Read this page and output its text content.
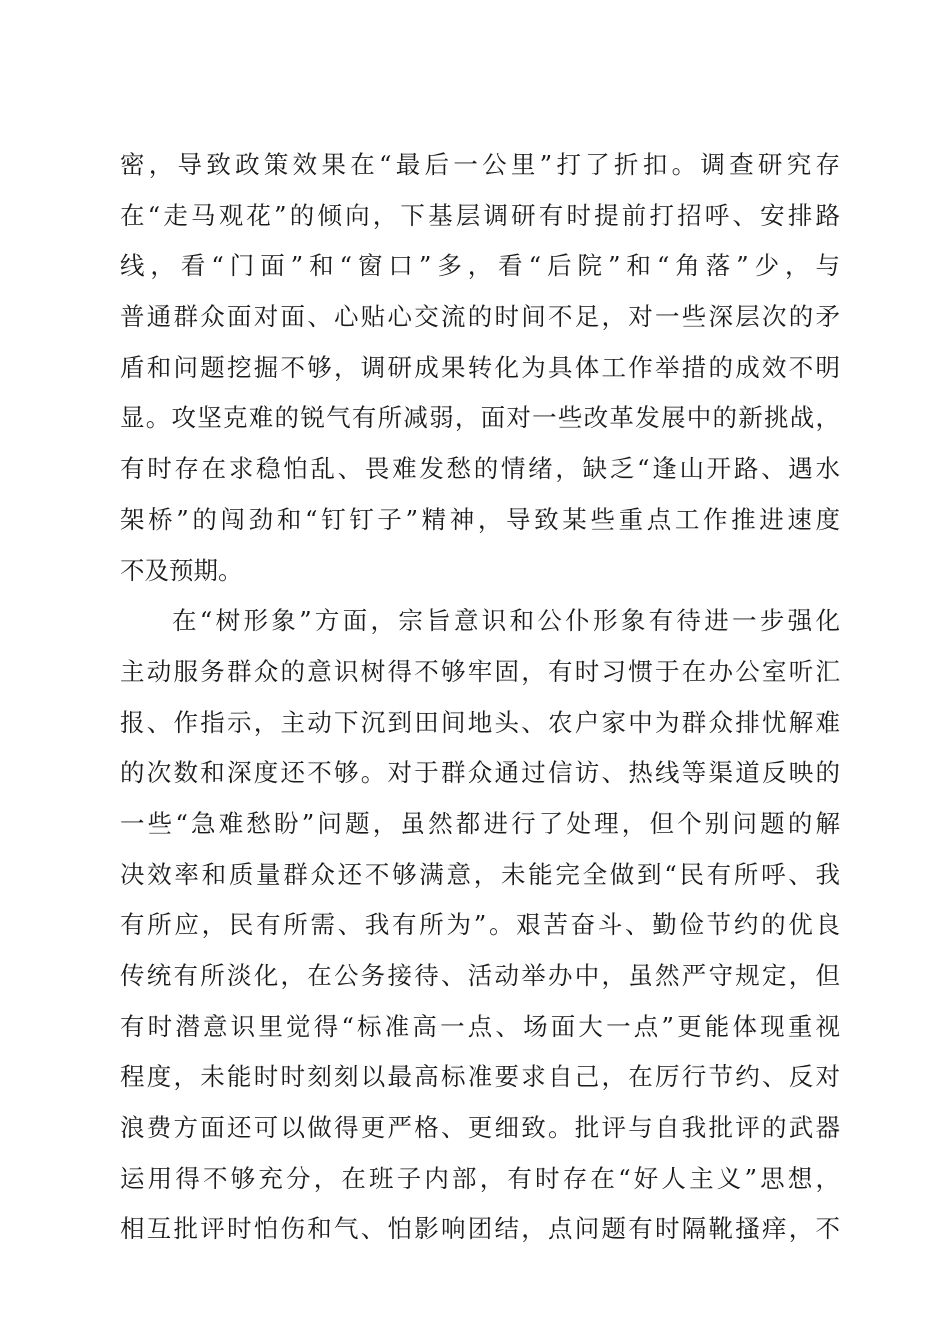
密，导致政策效果在“最后一公里”打了折扣。调查研究存
在“走马观花”的倾向，下基层调研有时提前打招呼、安排路
线，看“门面”和“窗口”多，看“后院”和“角落”少，与
普通群众面对面、心贴心交流的时间不足，对一些深层次的矛
盾和问题挖掘不够，调研成果转化为具体工作举措的成效不明
显。攻坚克难的锐气有所减弱，面对一些改革发展中的新挑战，
有时存在求稳怕乱、畏难发愁的情绪，缺乏“逢山开路、遇水
架桥”的闯劲和“钉钉子”精神，导致某些重点工作推进速度
不及预期。
在“树形象”方面，宗旨意识和公仆形象有待进一步强化
主动服务群众的意识树得不够牢固，有时习惯于在办公室听汇
报、作指示，主动下沉到田间地头、农户家中为群众排忧解难
的次数和深度还不够。对于群众通过信访、热线等渠道反映的
一些“急难愁盼”问题，虽然都进行了处理，但个别问题的解
决效率和质量群众还不够满意，未能完全做到“民有所呼、我
有所应，民有所需、我有所为”。艰苦奋斗、勤俭节约的优良
传统有所淡化，在公务接待、活动举办中，虽然严守规定，但
有时潜意识里觉得“标准高一点、场面大一点”更能体现重视
程度，未能时时刻刻以最高标准要求自己，在厉行节约、反对
浪费方面还可以做得更严格、更细致。批评与自我批评的武器
运用得不够充分，在班子内部，有时存在“好人主义”思想，
相互批评时怕伤和气、怕影响团结，点问题有时隔靴搔痒，不
